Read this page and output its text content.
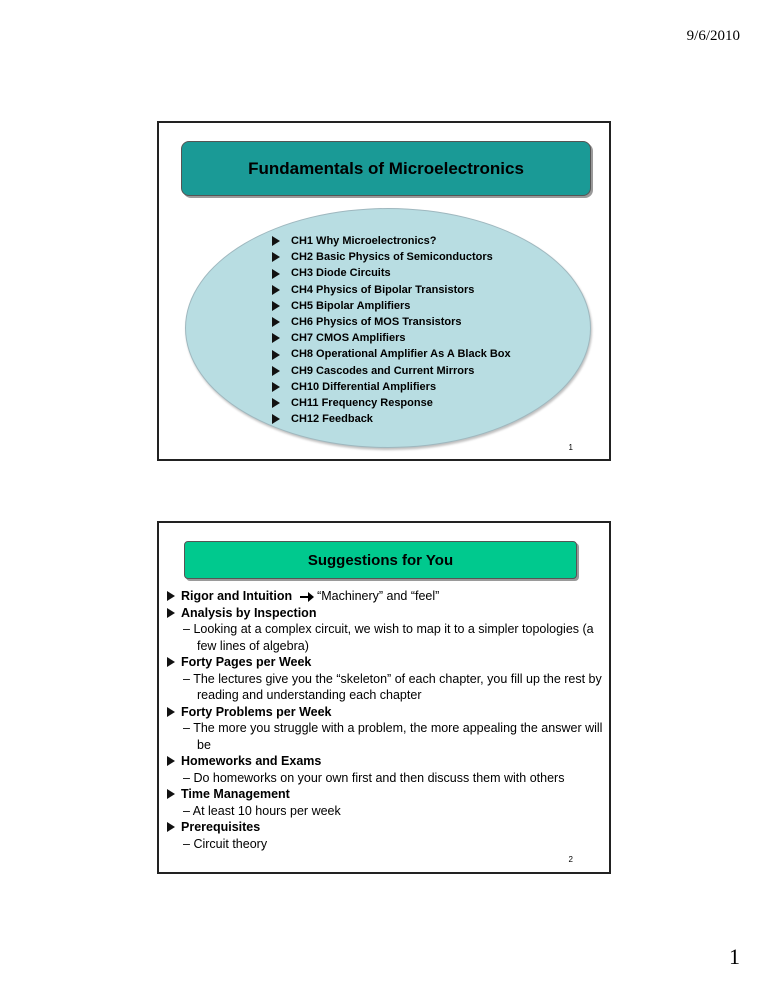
9/6/2010
Fundamentals of Microelectronics
CH1 Why Microelectronics?
CH2 Basic Physics of Semiconductors
CH3 Diode Circuits
CH4 Physics of Bipolar Transistors
CH5 Bipolar Amplifiers
CH6 Physics of MOS Transistors
CH7 CMOS Amplifiers
CH8 Operational Amplifier As A Black Box
CH9 Cascodes and Current Mirrors
CH10 Differential Amplifiers
CH11 Frequency Response
CH12 Feedback
1
Suggestions for You
Rigor and Intuition “Machinery” and “feel”
Analysis by Inspection
– Looking at a complex circuit, we wish to map it to a simpler topologies (a few lines of algebra)
Forty Pages per Week
– The lectures give you the “skeleton” of each chapter, you fill up the rest by reading and understanding each chapter
Forty Problems per Week
– The more you struggle with a problem, the more appealing the answer will be
Homeworks and Exams
– Do homeworks on your own first and then discuss them with others
Time Management
– At least 10 hours per week
Prerequisites
– Circuit theory
2
1
